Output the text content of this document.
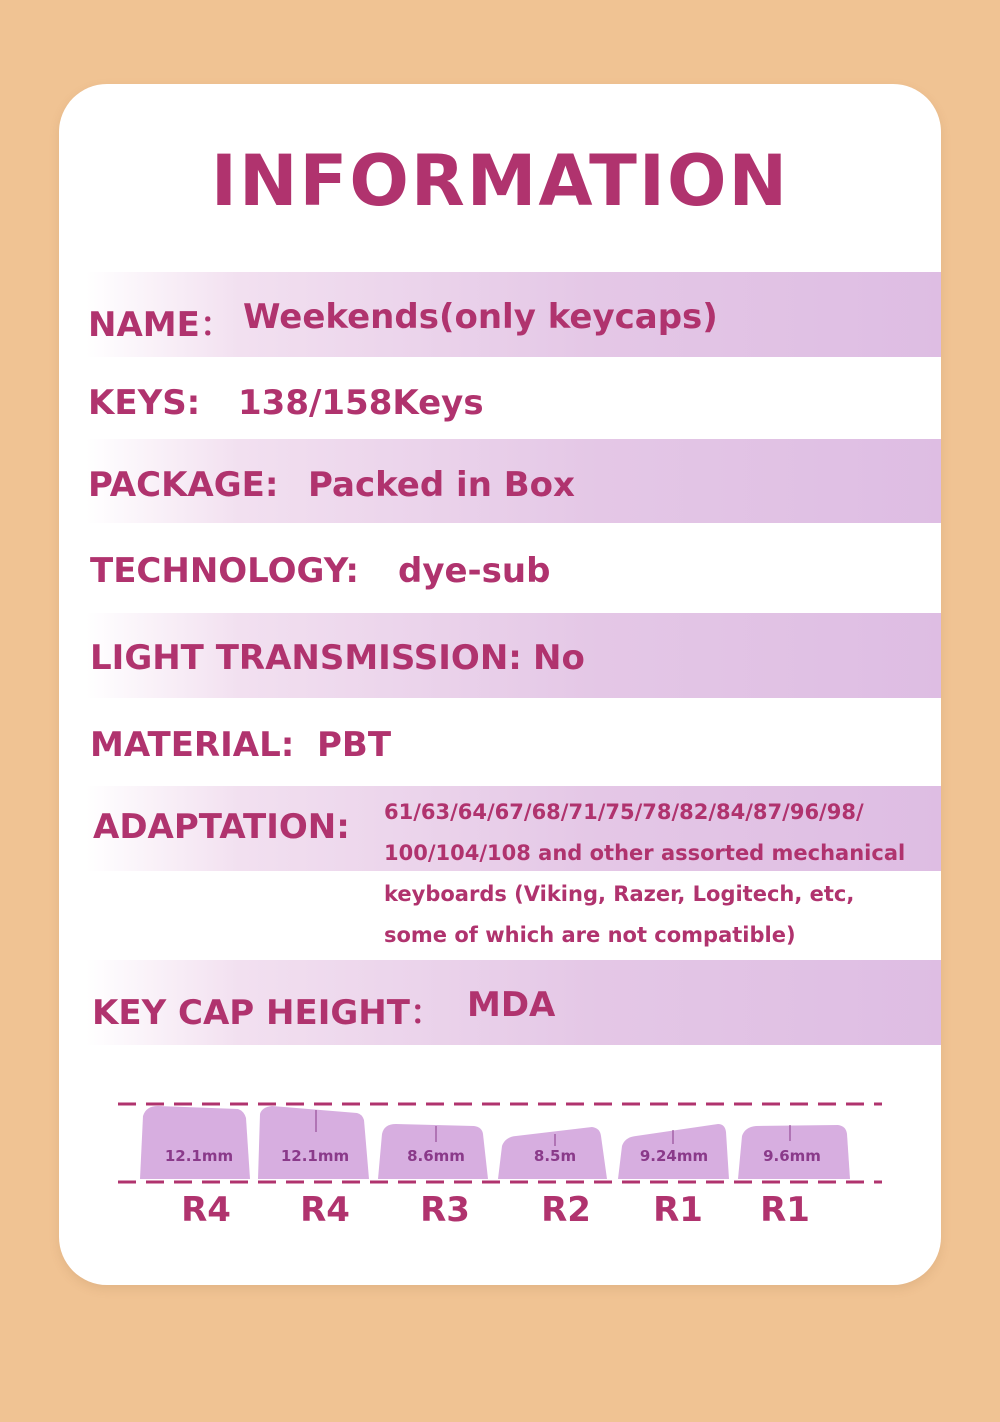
INFORMATION
NAME： Weekends(only keycaps)
KEYS: 138/158Keys
PACKAGE: Packed in Box
TECHNOLOGY: dye-sub
LIGHT TRANSMISSION: No
MATERIAL: PBT
ADAPTATION: 61/63/64/67/68/71/75/78/82/84/87/96/98/
100/104/108 and other assorted mechanical
keyboards (Viking, Razer, Logitech, etc,
some of which are not compatible)
KEY CAP HEIGHT： MDA
12.1mm	12.1mm	8.6mm	8.5m	9.24mm	9.6mm
R4 R4 R3 R2 R1 R1
